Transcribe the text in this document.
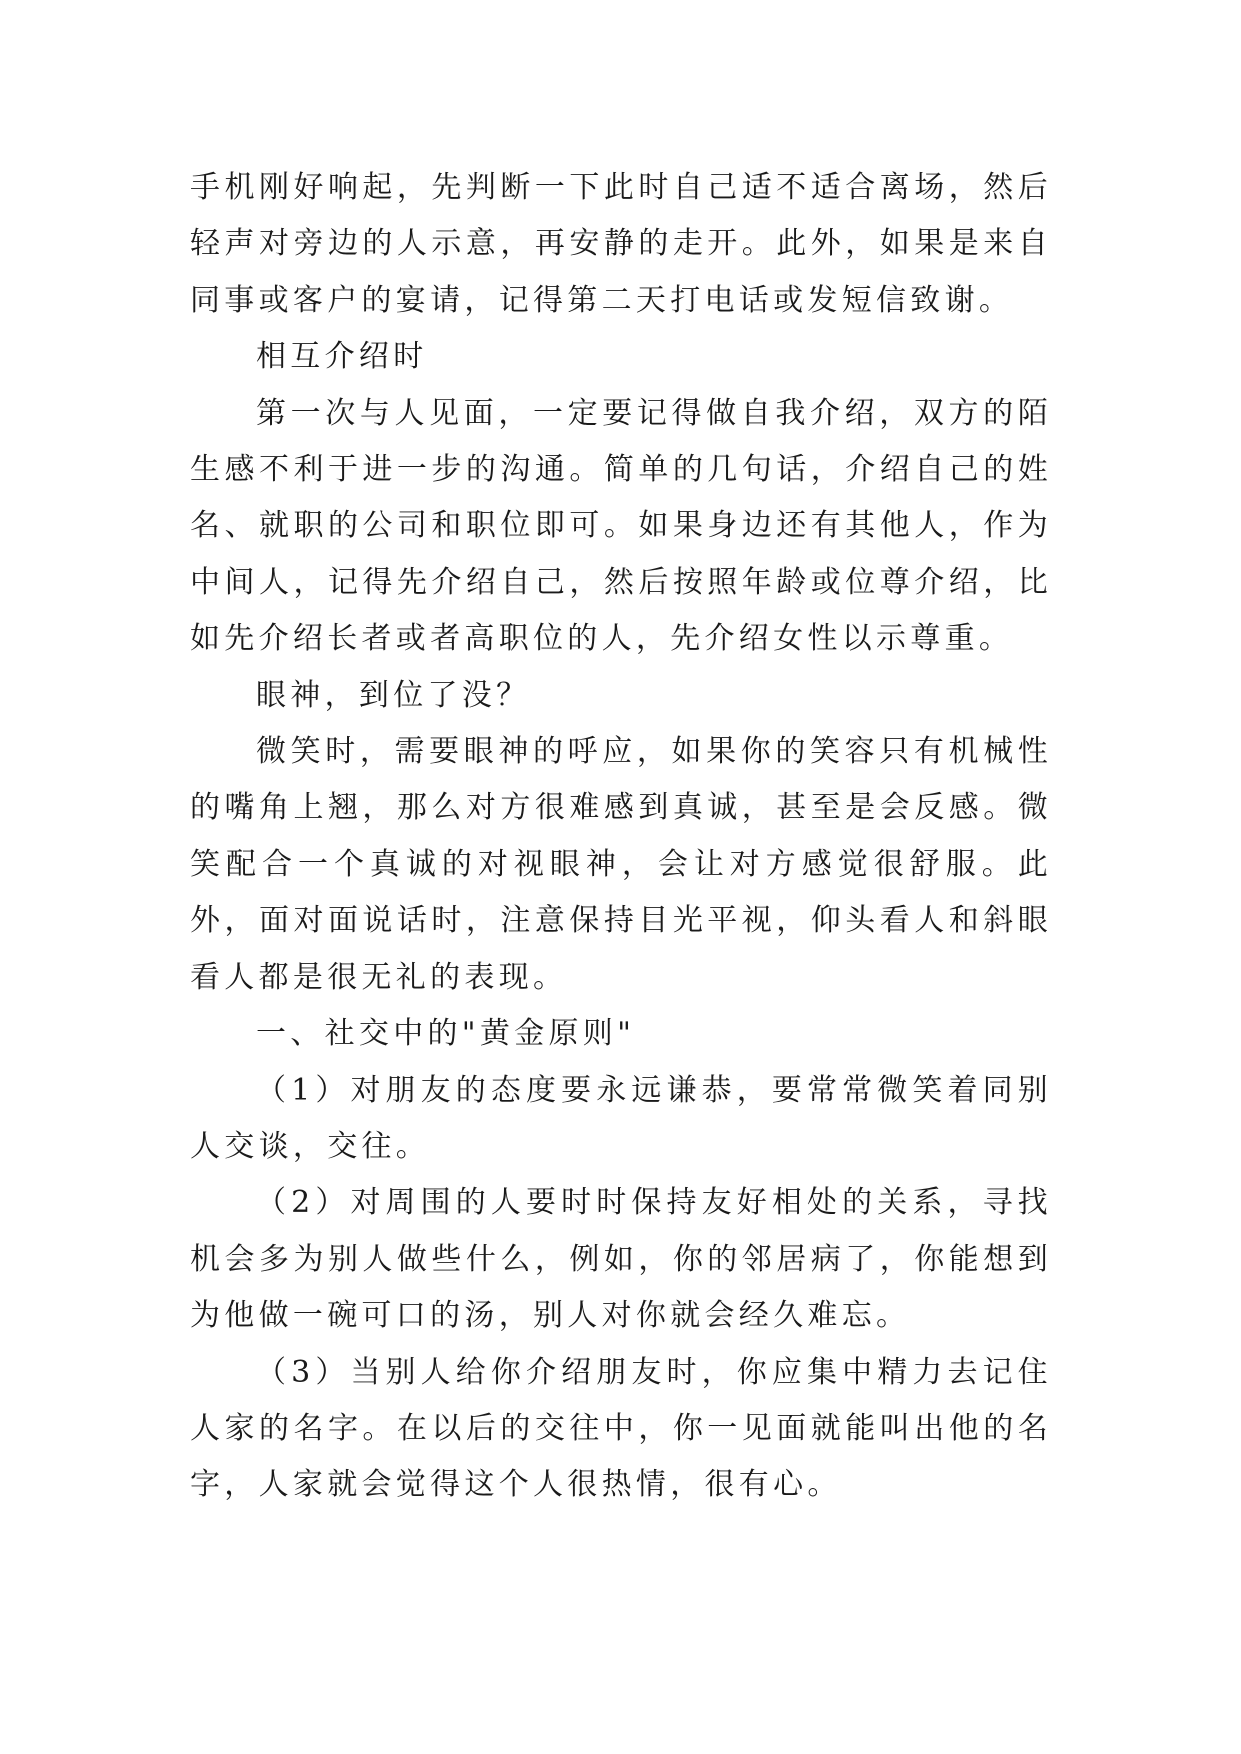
手机刚好响起，先判断一下此时自己适不适合离场，然后轻声对旁边的人示意，再安静的走开。此外，如果是来自同事或客户的宴请，记得第二天打电话或发短信致谢。

相互介绍时

第一次与人见面，一定要记得做自我介绍，双方的陌生感不利于进一步的沟通。简单的几句话，介绍自己的姓名、就职的公司和职位即可。如果身边还有其他人，作为中间人，记得先介绍自己，然后按照年龄或位尊介绍，比如先介绍长者或者高职位的人，先介绍女性以示尊重。

眼神，到位了没？

微笑时，需要眼神的呼应，如果你的笑容只有机械性的嘴角上翘，那么对方很难感到真诚，甚至是会反感。微笑配合一个真诚的对视眼神，会让对方感觉很舒服。此外，面对面说话时，注意保持目光平视，仰头看人和斜眼看人都是很无礼的表现。

一、社交中的"黄金原则"

（1）对朋友的态度要永远谦恭，要常常微笑着同别人交谈，交往。

（2）对周围的人要时时保持友好相处的关系，寻找机会多为别人做些什么，例如，你的邻居病了，你能想到为他做一碗可口的汤，别人对你就会经久难忘。

（3）当别人给你介绍朋友时，你应集中精力去记住人家的名字。在以后的交往中，你一见面就能叫出他的名字，人家就会觉得这个人很热情，很有心。
